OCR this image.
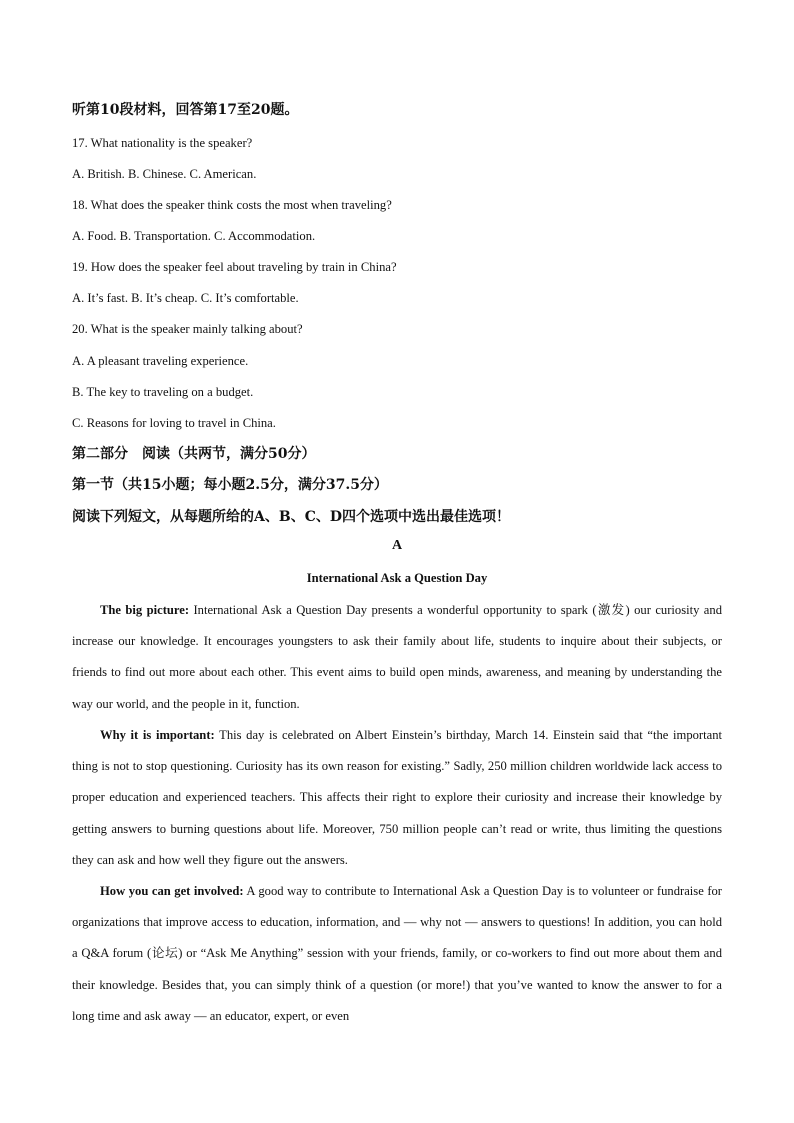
听第10段材料，回答第17至20题。
17. What nationality is the speaker?
A. British. B. Chinese. C. American.
18. What does the speaker think costs the most when traveling?
A. Food. B. Transportation. C. Accommodation.
19. How does the speaker feel about traveling by train in China?
A. It’s fast. B. It’s cheap. C. It’s comfortable.
20. What is the speaker mainly talking about?
A. A pleasant traveling experience.
B. The key to traveling on a budget.
C. Reasons for loving to travel in China.
第二部分　阅读（共两节，满分50分）
第一节（共15小题；每小题2.5分，满分37.5分）
阅读下列短文，从每题所给的A、B、C、D四个选项中选出最佳选项！
A
International Ask a Question Day

The big picture: International Ask a Question Day presents a wonderful opportunity to spark (激发) our curiosity and increase our knowledge. It encourages youngsters to ask their family about life, students to inquire about their subjects, or friends to find out more about each other. This event aims to build open minds, awareness, and meaning by understanding the way our world, and the people in it, function.

Why it is important: This day is celebrated on Albert Einstein’s birthday, March 14. Einstein said that “the important thing is not to stop questioning. Curiosity has its own reason for existing.” Sadly, 250 million children worldwide lack access to proper education and experienced teachers. This affects their right to explore their curiosity and increase their knowledge by getting answers to burning questions about life. Moreover, 750 million people can’t read or write, thus limiting the questions they can ask and how well they figure out the answers.

How you can get involved: A good way to contribute to International Ask a Question Day is to volunteer or fundraise for organizations that improve access to education, information, and — why not — answers to questions! In addition, you can hold a Q&A forum (论坛) or “Ask Me Anything” session with your friends, family, or co-workers to find out more about them and their knowledge. Besides that, you can simply think of a question (or more!) that you’ve wanted to know the answer to for a long time and ask away — an educator, expert, or even
